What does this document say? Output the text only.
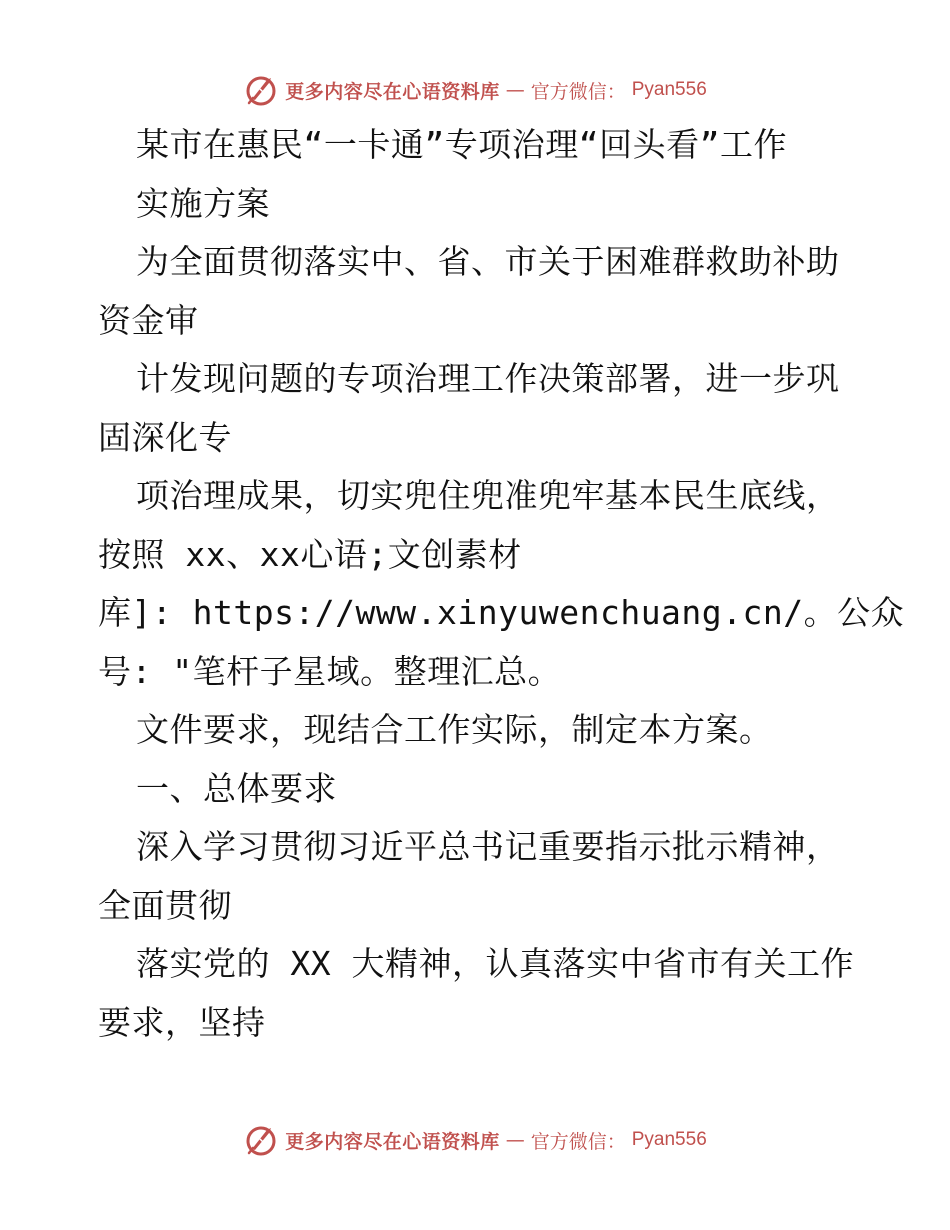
更多内容尽在心语资料库 — 官方微信： Pyan556
某市在惠民“一卡通”专项治理“回头看”工作
实施方案
为全面贯彻落实中、省、市关于困难群救助补助
资金审
计发现问题的专项治理工作决策部署，进一步巩
固深化专
项治理成果，切实兜住兜准兜牢基本民生底线，
按照 xx、xx心语;文创素材
库]: https://www.xinyuwenchuang.cn/。公众
号: "笔杆子星域。整理汇总。
文件要求，现结合工作实际，制定本方案。
一、总体要求
深入学习贯彻习近平总书记重要指示批示精神，
全面贯彻
落实党的 XX 大精神，认真落实中省市有关工作
要求，坚持
更多内容尽在心语资料库 — 官方微信： Pyan556
